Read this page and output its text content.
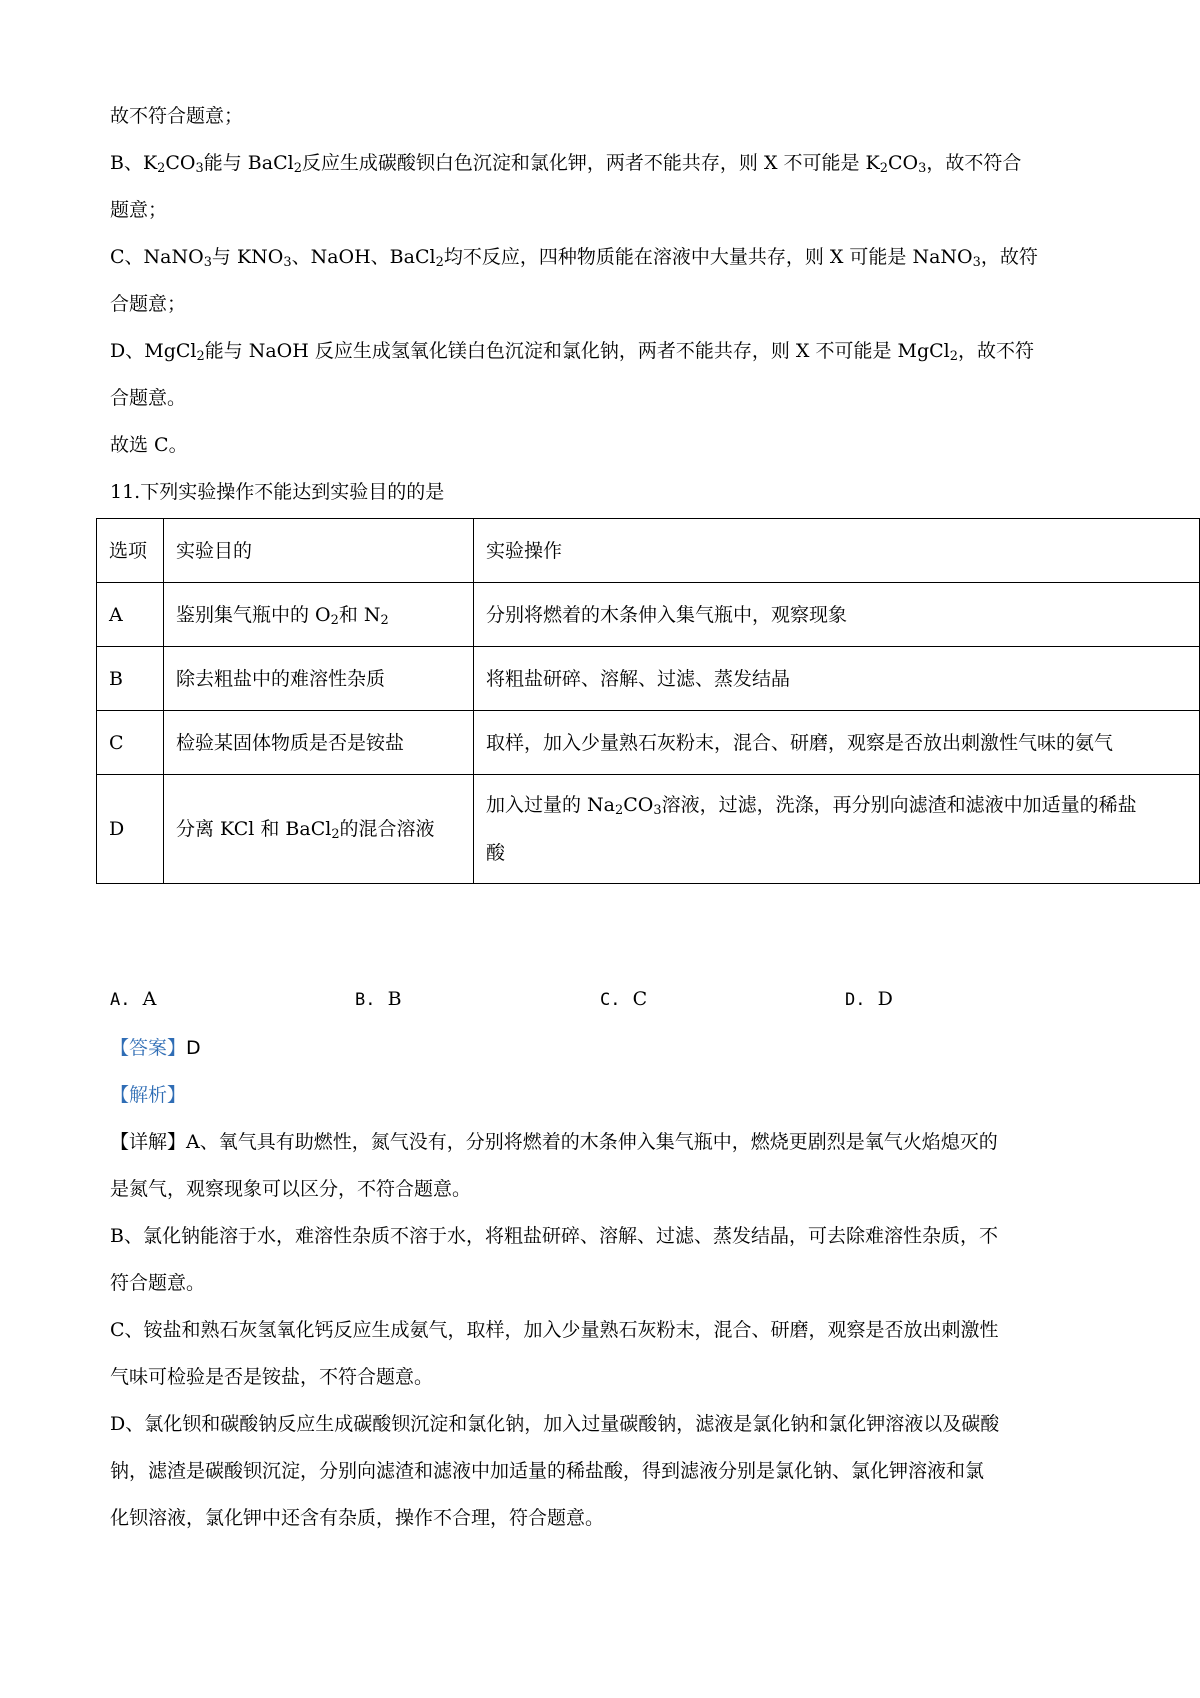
故不符合题意；
B、$K_2CO_3$能与 BaCl$_2$反应生成碳酸钡白色沉淀和氯化钾，两者不能共存，则 X 不可能是 $K_2CO_3$，故不符合
题意；
C、NaNO$_3$与 $KNO_3$、NaOH、BaCl$_2$均不反应，四种物质能在溶液中大量共存，则 X 可能是 NaNO$_3$，故符
合题意；
D、MgCl$_2$能与 NaOH 反应生成氢氧化镁白色沉淀和氯化钠，两者不能共存，则 X 不可能是 MgCl$_2$，故不符
合题意。
故选 C。
11.下列实验操作不能达到实验目的的是
选项	实验目的	实验操作
A	鉴别集气瓶中的 $O_2$和 $N_2$	分别将燃着的木条伸入集气瓶中，观察现象
B	除去粗盐中的难溶性杂质	将粗盐研碎、溶解、过滤、蒸发结晶
C	检验某固体物质是否是铵盐	取样，加入少量熟石灰粉末，混合、研磨，观察是否放出刺激性气味的氨气
D	分离 KCl 和 BaCl$_2$的混合溶液	加入过量的 $Na_2CO_3$溶液，过滤，洗涤，再分别向滤渣和滤液中加适量的稀盐
酸
A. A	B. B	C. C	D. D
【答案】D
【解析】
【详解】A、氧气具有助燃性，氮气没有，分别将燃着的木条伸入集气瓶中，燃烧更剧烈是氧气火焰熄灭的
是氮气，观察现象可以区分，不符合题意。
B、氯化钠能溶于水，难溶性杂质不溶于水，将粗盐研碎、溶解、过滤、蒸发结晶，可去除难溶性杂质，不
符合题意。
C、铵盐和熟石灰氢氧化钙反应生成氨气，取样，加入少量熟石灰粉末，混合、研磨，观察是否放出刺激性
气味可检验是否是铵盐，不符合题意。
D、氯化钡和碳酸钠反应生成碳酸钡沉淀和氯化钠，加入过量碳酸钠，滤液是氯化钠和氯化钾溶液以及碳酸
钠，滤渣是碳酸钡沉淀，分别向滤渣和滤液中加适量的稀盐酸，得到滤液分别是氯化钠、氯化钾溶液和氯
化钡溶液，氯化钾中还含有杂质，操作不合理，符合题意。
